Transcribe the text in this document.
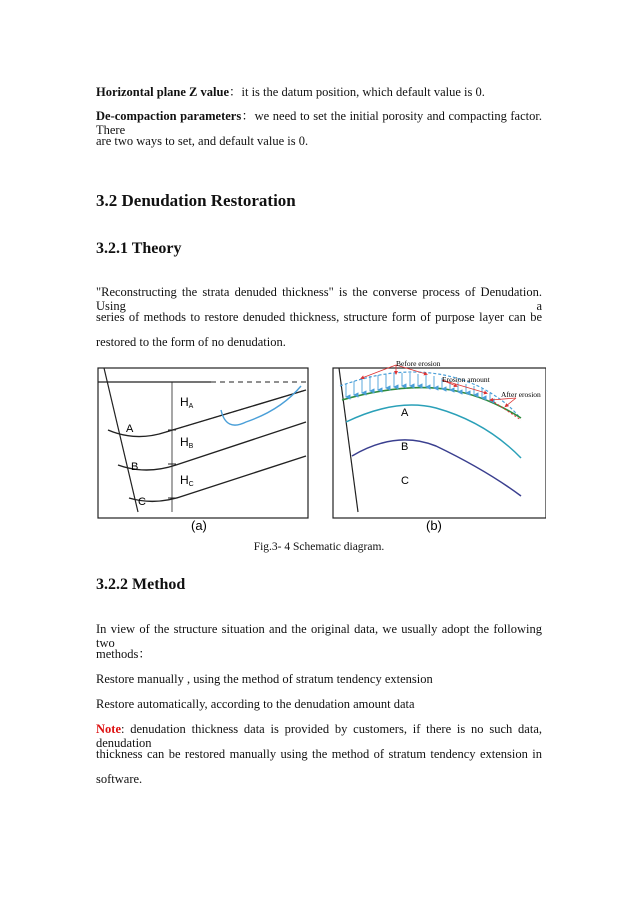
Horizontal plane Z value：it is the datum position, which default value is 0.

De-compaction parameters：we need to set the initial porosity and compacting factor. There

are two ways to set, and default value is 0.

3.2 Denudation Restoration
3.2.1 Theory

"Reconstructing the strata denuded thickness" is the converse process of Denudation. Using a

series of methods to restore denuded thickness, structure form of purpose layer can be

restored to the form of no denudation.

A
B
C
HA
HB
HC
(a)
Before erosion
Erosion amount
After erosion
A
B
C
(b)
Fig.3- 4 Schematic diagram.
3.2.2 Method

In view of the structure situation and the original data, we usually adopt the following two

methods：

Restore manually , using the method of stratum tendency extension

Restore automatically, according to the denudation amount data

Note: denudation thickness data is provided by customers, if there is no such data, denudation

thickness can be restored manually using the method of stratum tendency extension in

software.
